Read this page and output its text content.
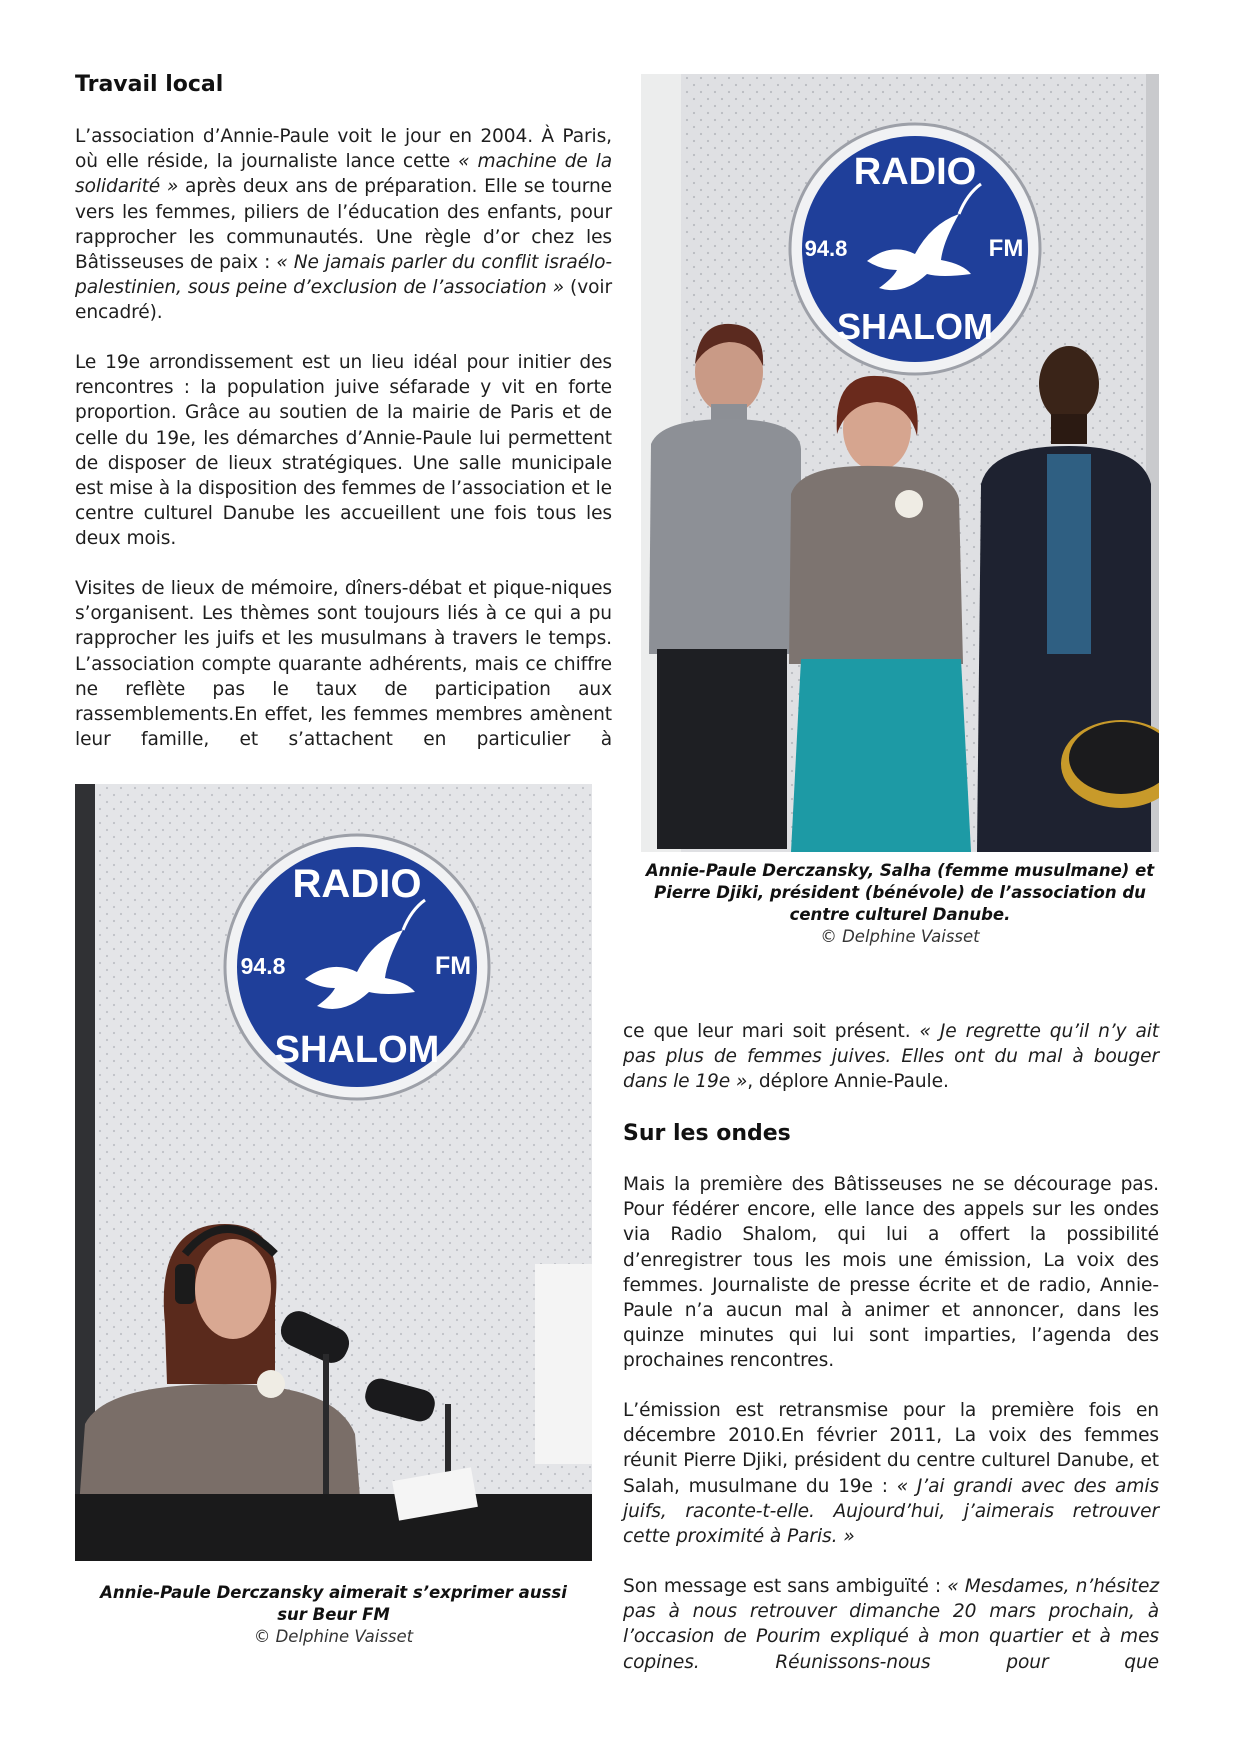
Travail local

L’association d’Annie-Paule voit le jour en 2004. À Paris, où elle réside, la journaliste lance cette « machine de la solidarité » après deux ans de préparation. Elle se tourne vers les femmes, piliers de l’éducation des enfants, pour rapprocher les communautés. Une règle d’or chez les Bâtisseuses de paix : « Ne jamais parler du conflit israélo-palestinien, sous peine d’exclusion de l’association » (voir encadré).

Le 19e arrondissement est un lieu idéal pour initier des rencontres : la population juive séfarade y vit en forte proportion. Grâce au soutien de la mairie de Paris et de celle du 19e, les démarches d’Annie-Paule lui permettent de disposer de lieux stratégiques. Une salle municipale est mise à la disposition des femmes de l’association et le centre culturel Danube les accueillent une fois tous les deux mois.

Visites de lieux de mémoire, dîners-débat et pique-niques s’organisent. Les thèmes sont toujours liés à ce qui a pu rapprocher les juifs et les musulmans à travers le temps. L’association compte quarante adhérents, mais ce chiffre ne reflète pas le taux de participation aux rassemblements.En effet, les femmes membres amènent leur famille, et s’attachent en particulier à

RADIO
94.8	FM
SHALOM
Annie-Paule Derczansky, Salha (femme musulmane) et Pierre Djiki, président (bénévole) de l’association du centre culturel Danube.
© Delphine Vaisset
RADIO
94.8	FM
SHALOM
Annie-Paule Derczansky aimerait s’exprimer aussi sur Beur FM
© Delphine Vaisset

ce que leur mari soit présent. « Je regrette qu’il n’y ait pas plus de femmes juives. Elles ont du mal à bouger dans le 19e », déplore Annie-Paule.

Sur les ondes

Mais la première des Bâtisseuses ne se décourage pas. Pour fédérer encore, elle lance des appels sur les ondes via Radio Shalom, qui lui a offert la possibilité d’enregistrer tous les mois une émission, La voix des femmes. Journaliste de presse écrite et de radio, Annie-Paule n’a aucun mal à animer et annoncer, dans les quinze minutes qui lui sont imparties, l’agenda des prochaines rencontres.

L’émission est retransmise pour la première fois en décembre 2010.En février 2011, La voix des femmes réunit Pierre Djiki, président du centre culturel Danube, et Salah, musulmane du 19e : « J’ai grandi avec des amis juifs, raconte-t-elle. Aujourd’hui, j’aimerais retrouver cette proximité à Paris. »

Son message est sans ambiguïté : « Mesdames, n’hésitez pas à nous retrouver dimanche 20 mars prochain, à l’occasion de Pourim expliqué à mon quartier et à mes copines. Réunissons-nous pour que
